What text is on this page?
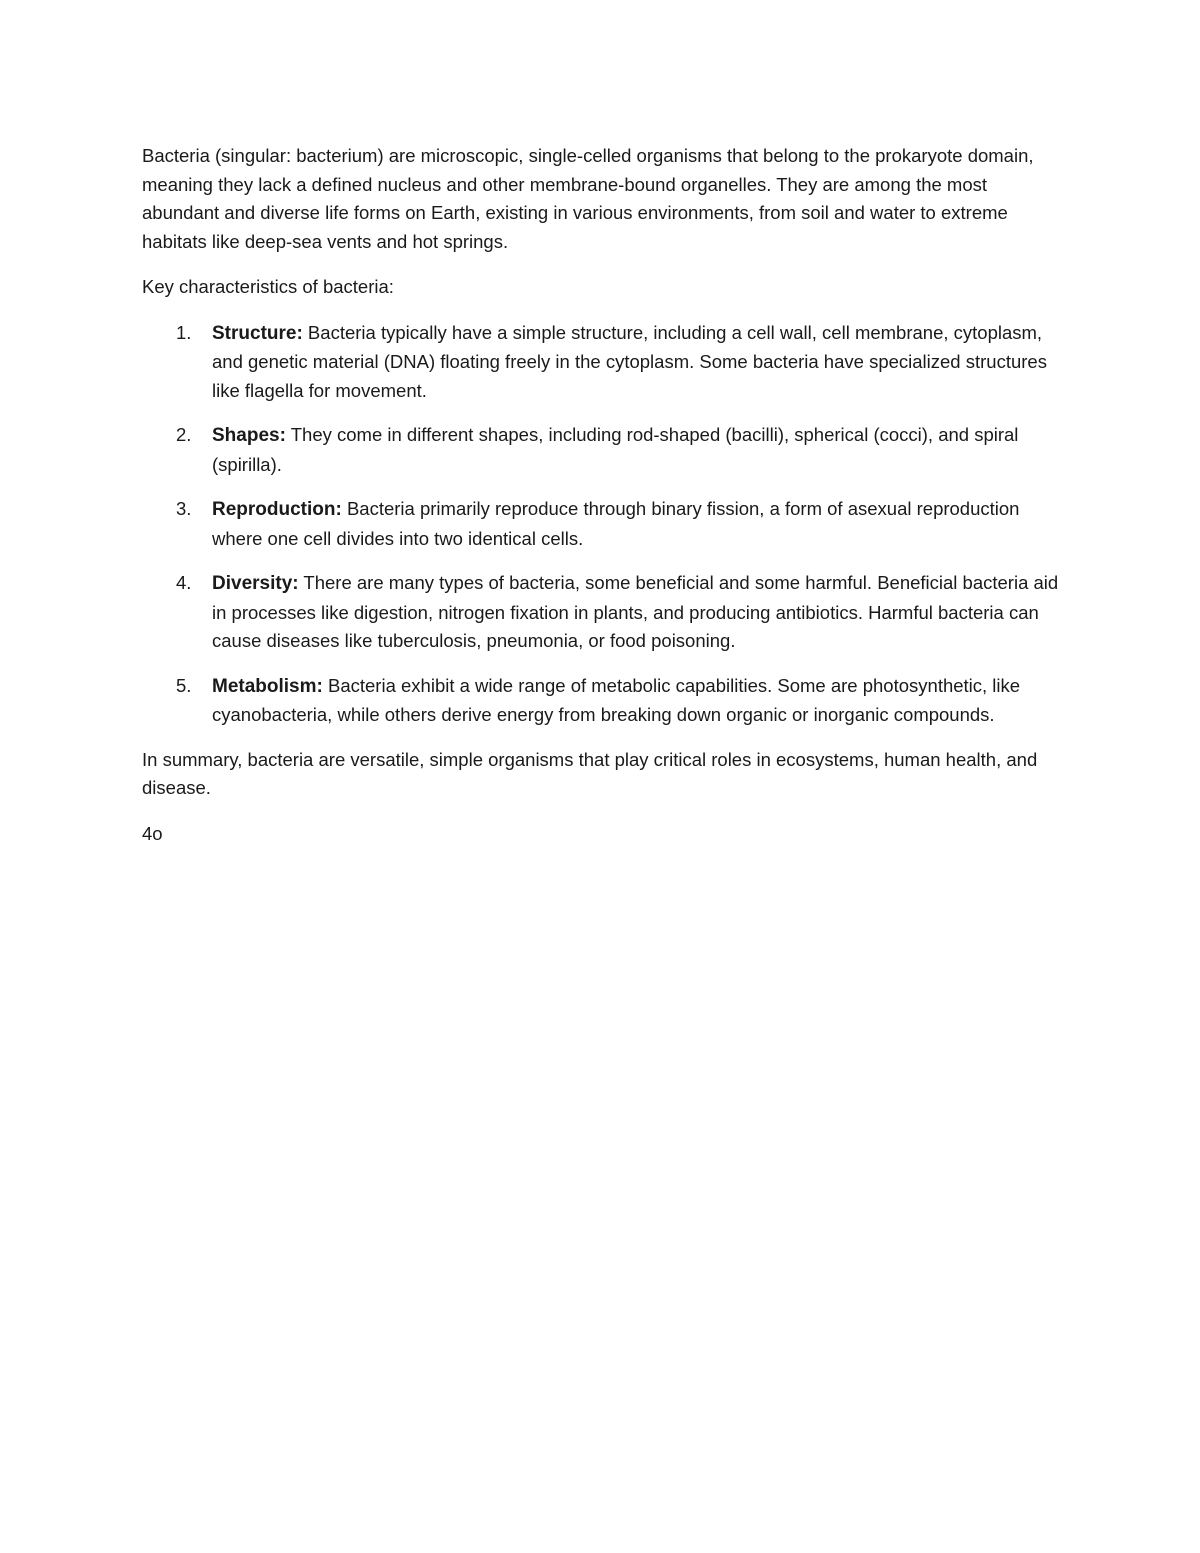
Bacteria (singular: bacterium) are microscopic, single-celled organisms that belong to the prokaryote domain, meaning they lack a defined nucleus and other membrane-bound organelles. They are among the most abundant and diverse life forms on Earth, existing in various environments, from soil and water to extreme habitats like deep-sea vents and hot springs.

Key characteristics of bacteria:

1. Structure: Bacteria typically have a simple structure, including a cell wall, cell membrane, cytoplasm, and genetic material (DNA) floating freely in the cytoplasm. Some bacteria have specialized structures like flagella for movement.
2. Shapes: They come in different shapes, including rod-shaped (bacilli), spherical (cocci), and spiral (spirilla).
3. Reproduction: Bacteria primarily reproduce through binary fission, a form of asexual reproduction where one cell divides into two identical cells.
4. Diversity: There are many types of bacteria, some beneficial and some harmful. Beneficial bacteria aid in processes like digestion, nitrogen fixation in plants, and producing antibiotics. Harmful bacteria can cause diseases like tuberculosis, pneumonia, or food poisoning.
5. Metabolism: Bacteria exhibit a wide range of metabolic capabilities. Some are photosynthetic, like cyanobacteria, while others derive energy from breaking down organic or inorganic compounds.

In summary, bacteria are versatile, simple organisms that play critical roles in ecosystems, human health, and disease.

4o
